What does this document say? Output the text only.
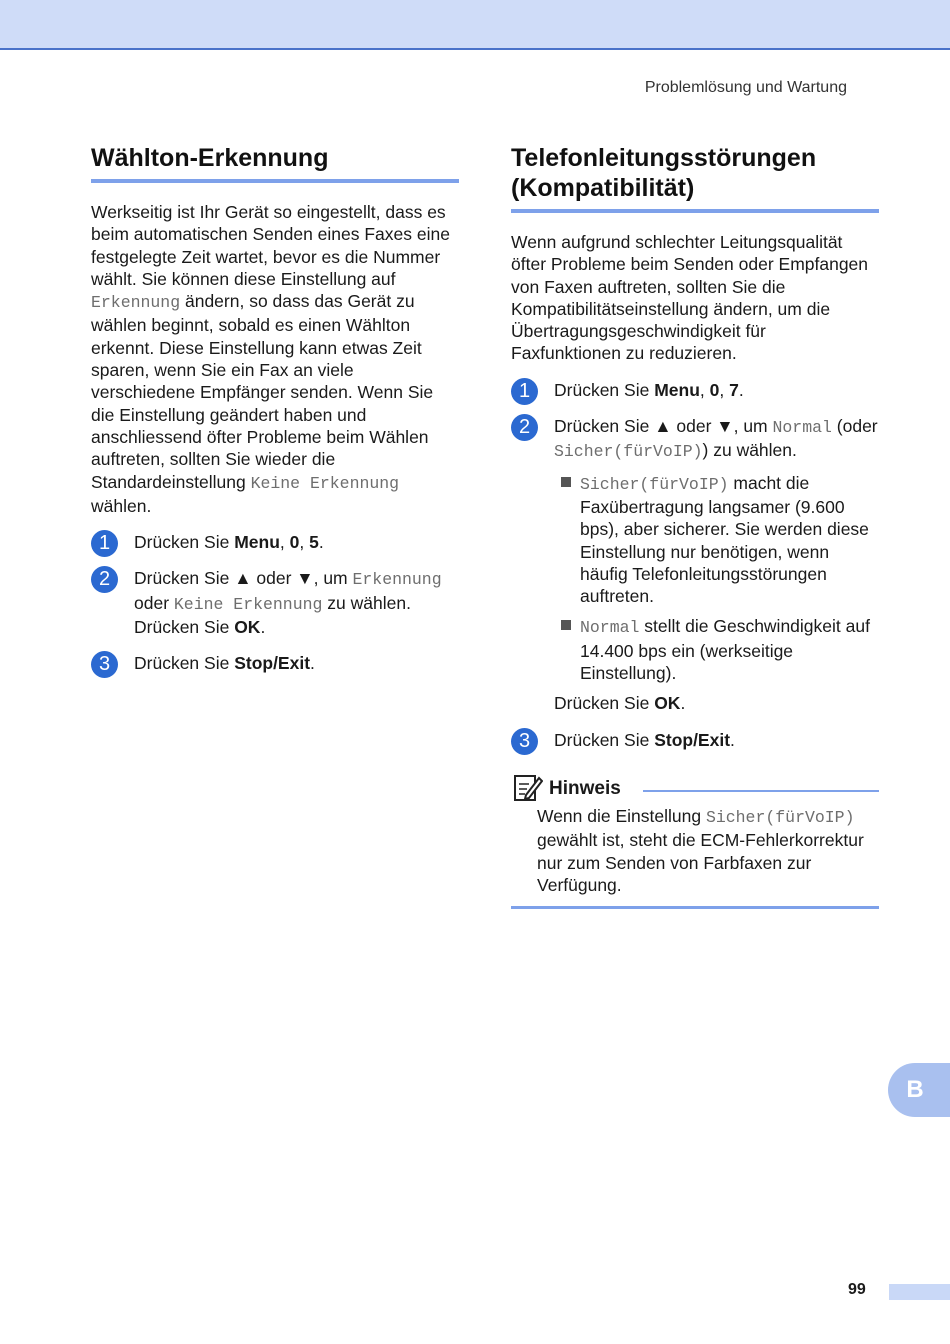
Problemlösung und Wartung
Wählton-Erkennung

Werkseitig ist Ihr Gerät so eingestellt, dass es beim automatischen Senden eines Faxes eine festgelegte Zeit wartet, bevor es die Nummer wählt. Sie können diese Einstellung auf Erkennung ändern, so dass das Gerät zu wählen beginnt, sobald es einen Wählton erkennt. Diese Einstellung kann etwas Zeit sparen, wenn Sie ein Fax an viele verschiedene Empfänger senden. Wenn Sie die Einstellung geändert haben und anschliessend öfter Probleme beim Wählen auftreten, sollten Sie wieder die Standardeinstellung Keine Erkennung wählen.

1	Drücken Sie Menu, 0, 5.
2	Drücken Sie ▲ oder ▼, um Erkennung oder Keine Erkennung zu wählen. Drücken Sie OK.
3	Drücken Sie Stop/Exit.
Telefonleitungsstörungen
(Kompatibilität)

Wenn aufgrund schlechter Leitungsqualität öfter Probleme beim Senden oder Empfangen von Faxen auftreten, sollten Sie die Kompatibilitätseinstellung ändern, um die Übertragungsgeschwindigkeit für Faxfunktionen zu reduzieren.

1	Drücken Sie Menu, 0, 7.
2	Drücken Sie ▲ oder ▼, um Normal (oder Sicher(fürVoIP)) zu wählen.
Sicher(fürVoIP) macht die Faxübertragung langsamer (9.600 bps), aber sicherer. Sie werden diese Einstellung nur benötigen, wenn häufig Telefonleitungsstörungen auftreten.
Normal stellt die Geschwindigkeit auf 14.400 bps ein (werkseitige Einstellung).
Drücken Sie OK.
3	Drücken Sie Stop/Exit.
Hinweis
Wenn die Einstellung Sicher(fürVoIP) gewählt ist, steht die ECM-Fehlerkorrektur nur zum Senden von Farbfaxen zur Verfügung.
B
99
